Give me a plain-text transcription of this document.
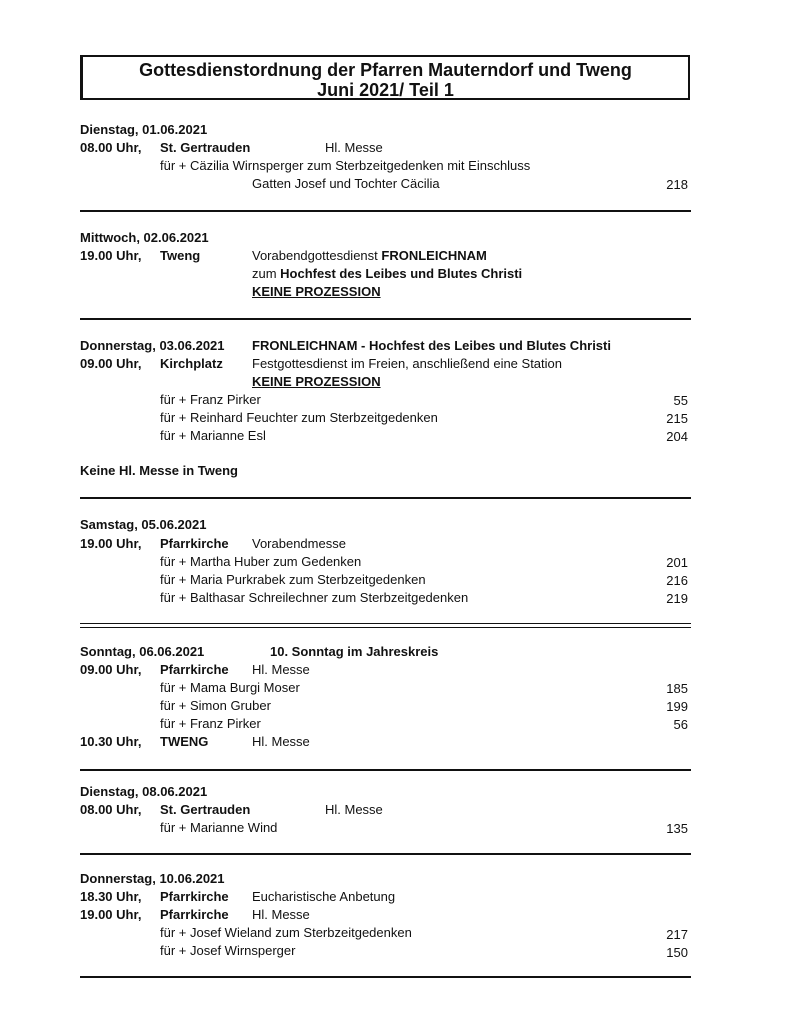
Gottesdienstordnung der Pfarren Mauterndorf und Tweng
Juni 2021/ Teil 1
Dienstag, 01.06.2021
08.00 Uhr, St. Gertrauden	Hl. Messe
für + Cäzilia Wirnsperger zum Sterbzeitgedenken mit Einschluss
Gatten Josef und Tochter Cäcilia	218
Mittwoch, 02.06.2021
19.00 Uhr, Tweng	Vorabendgottesdienst FRONLEICHNAM
zum Hochfest des Leibes und Blutes Christi
KEINE PROZESSION
Donnerstag, 03.06.2021 FRONLEICHNAM - Hochfest des Leibes und Blutes Christi
09.00 Uhr, Kirchplatz Festgottesdienst im Freien, anschließend eine Station
KEINE PROZESSION
für + Franz Pirker	55
für + Reinhard Feuchter zum Sterbzeitgedenken	215
für + Marianne Esl	204
Keine Hl. Messe in Tweng
Samstag, 05.06.2021
19.00 Uhr, Pfarrkirche Vorabendmesse
für + Martha Huber zum Gedenken	201
für + Maria Purkrabek zum Sterbzeitgedenken	216
für + Balthasar Schreilechner zum Sterbzeitgedenken	219
Sonntag, 06.06.2021	10. Sonntag im Jahreskreis
09.00 Uhr, Pfarrkirche Hl. Messe
für + Mama Burgi Moser	185
für + Simon Gruber	199
für + Franz Pirker	56
10.30 Uhr, TWENG	Hl. Messe
Dienstag, 08.06.2021
08.00 Uhr, St. Gertrauden	Hl. Messe
für + Marianne Wind	135
Donnerstag, 10.06.2021
18.30 Uhr, Pfarrkirche Eucharistische Anbetung
19.00 Uhr, Pfarrkirche Hl. Messe
für + Josef Wieland zum Sterbzeitgedenken	217
für + Josef Wirnsperger	150
